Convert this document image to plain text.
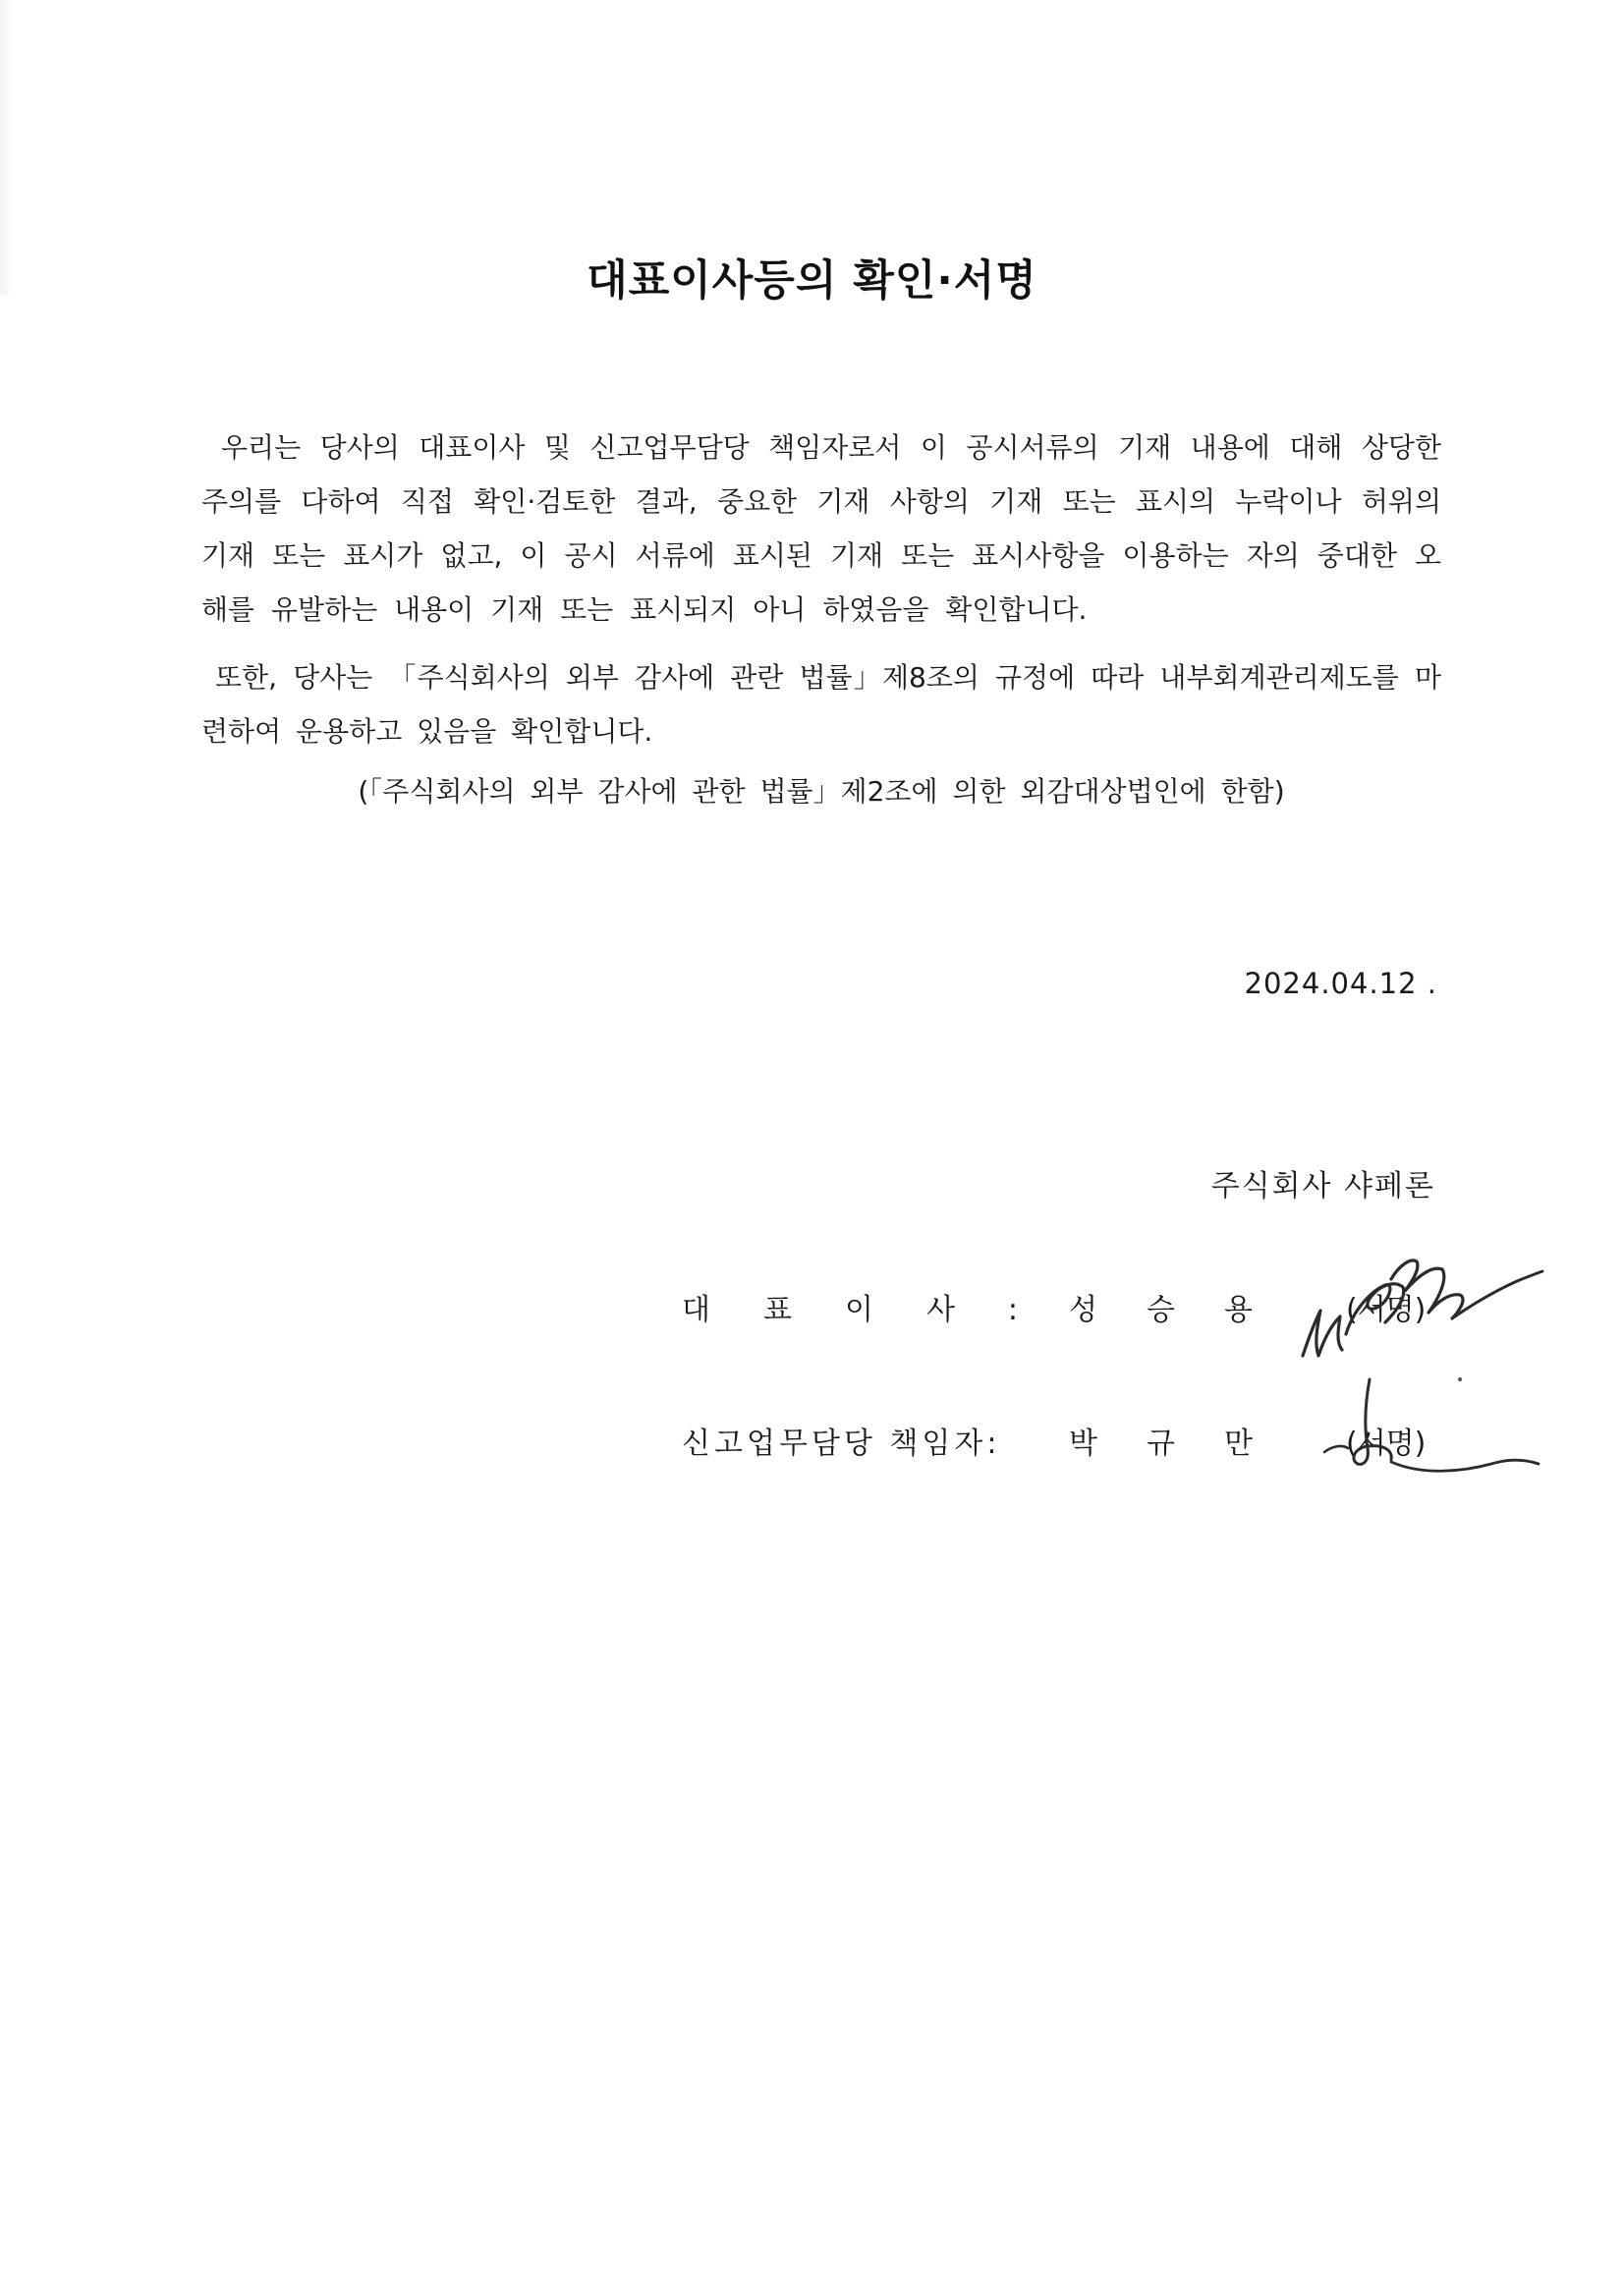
대표이사등의 확인·서명

우리는 당사의 대표이사 및 신고업무담당 책임자로서 이 공시서류의 기재 내용에 대해 상당한 주의를 다하여 직접 확인·검토한 결과, 중요한 기재 사항의 기재 또는 표시의 누락이나 허위의 기재 또는 표시가 없고, 이 공시 서류에 표시된 기재 또는 표시사항을 이용하는 자의 중대한 오해를 유발하는 내용이 기재 또는 표시되지 아니 하였음을 확인합니다.

또한, 당사는 「주식회사의 외부 감사에 관란 법률」제8조의 규정에 따라 내부회계관리제도를 마련하여 운용하고 있음을 확인합니다.

(「주식회사의 외부 감사에 관한 법률」제2조에 의한 외감대상법인에 한함)

2024.04.12 .
주식회사 샤페론
대표이사:
성승용 (서명)
신고업무담당 책임자: 박규만 (서명)
